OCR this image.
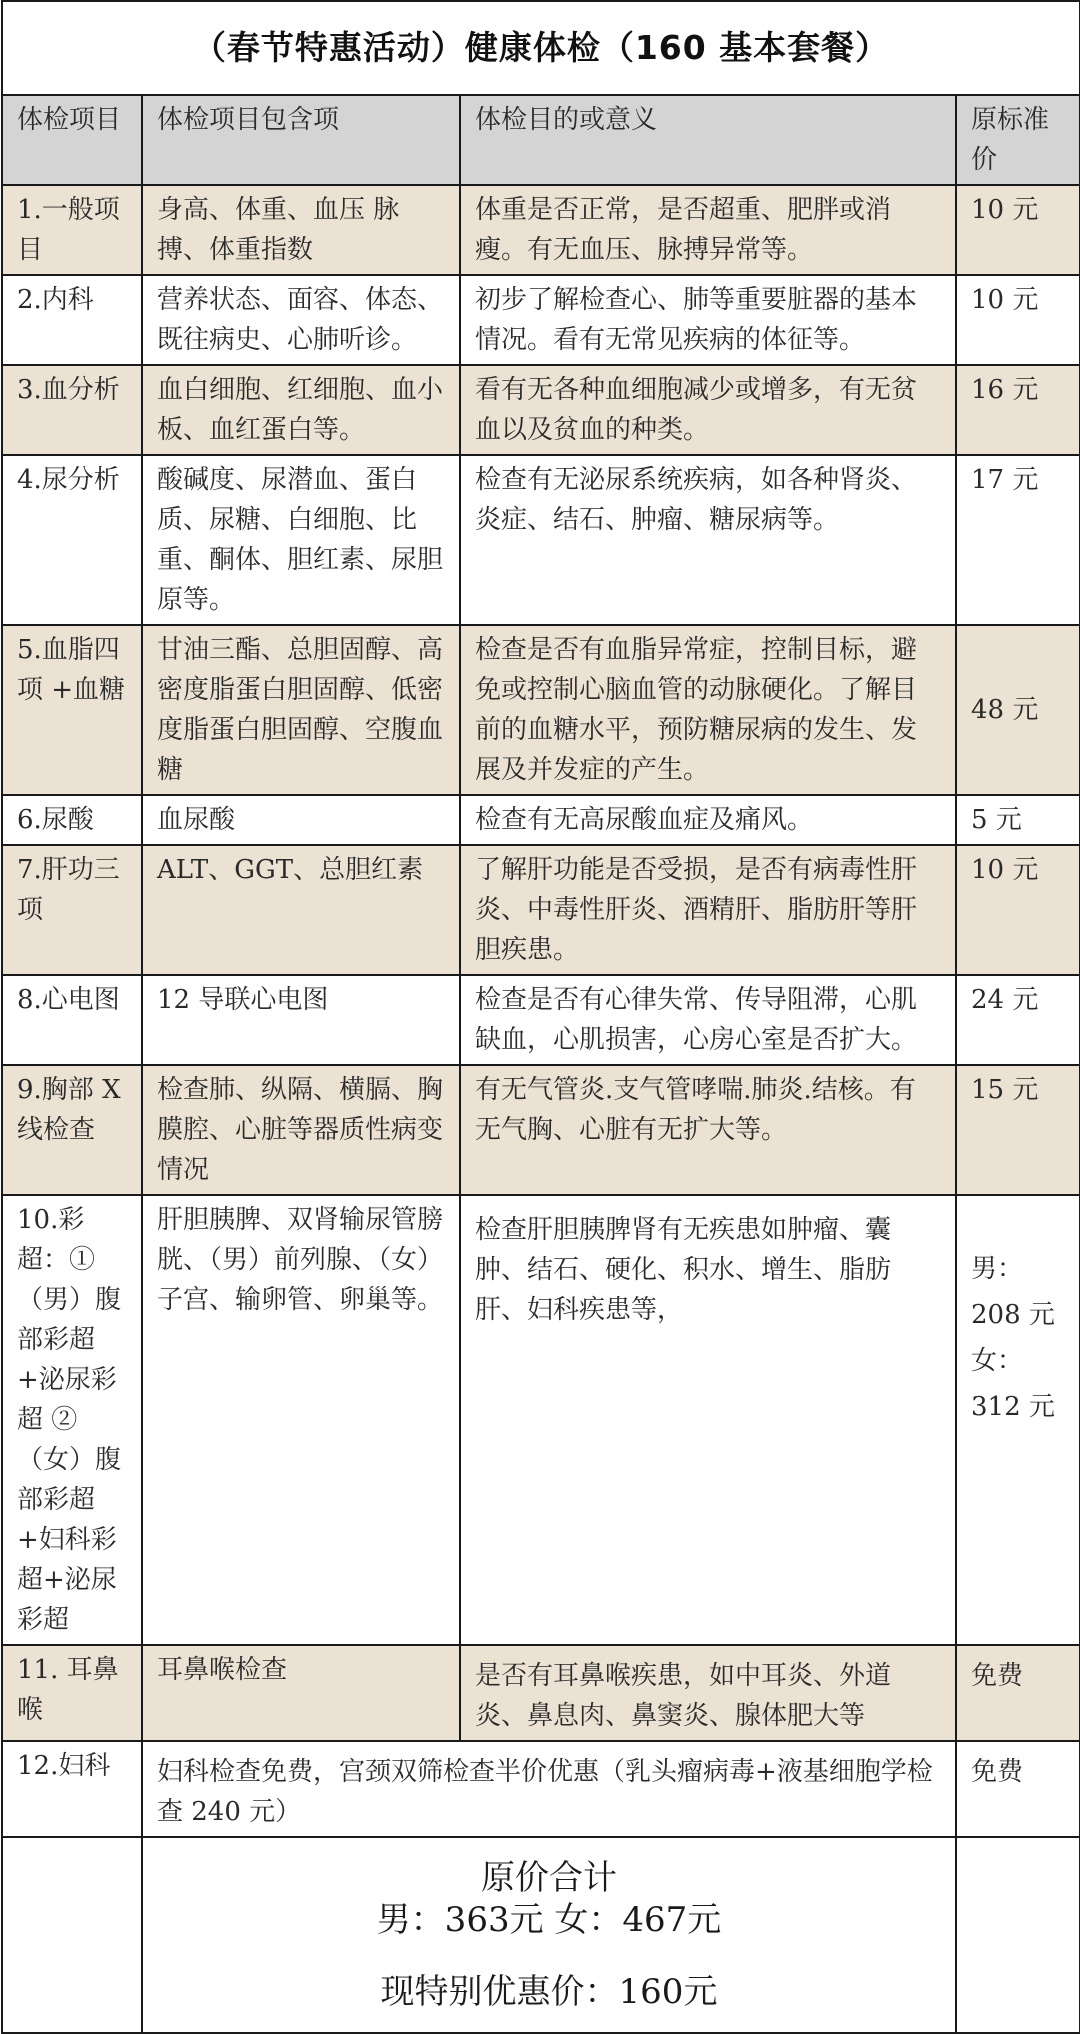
（春节特惠活动）健康体检（160 基本套餐）			
体检项目	体检项目包含项	体检目的或意义	原标准价
1.一般项目	身高、体重、血压 脉搏、体重指数	体重是否正常，是否超重、肥胖或消瘦。有无血压、脉搏异常等。	10 元
2.内科	营养状态、面容、体态、既往病史、心肺听诊。	初步了解检查心、肺等重要脏器的基本情况。看有无常见疾病的体征等。	10 元
3.血分析	血白细胞、红细胞、血小板、血红蛋白等。	看有无各种血细胞减少或增多，有无贫血以及贫血的种类。	16 元
4.尿分析	酸碱度、尿潜血、蛋白质、尿糖、白细胞、比重、酮体、胆红素、尿胆原等。	检查有无泌尿系统疾病，如各种肾炎、炎症、结石、肿瘤、糖尿病等。	17 元
5.血脂四项 +血糖	甘油三酯、总胆固醇、高密度脂蛋白胆固醇、低密度脂蛋白胆固醇、空腹血糖	检查是否有血脂异常症，控制目标，避免或控制心脑血管的动脉硬化。了解目前的血糖水平，预防糖尿病的发生、发展及并发症的产生。	48 元
6.尿酸	血尿酸	检查有无高尿酸血症及痛风。	5 元
7.肝功三项	ALT、GGT、总胆红素	了解肝功能是否受损，是否有病毒性肝炎、中毒性肝炎、酒精肝、脂肪肝等肝胆疾患。	10 元
8.心电图	12 导联心电图	检查是否有心律失常、传导阻滞，心肌缺血，心肌损害，心房心室是否扩大。	24 元
9.胸部 X 线检查	检查肺、纵隔、横膈、胸膜腔、心脏等器质性病变情况	有无气管炎.支气管哮喘.肺炎.结核。有无气胸、心脏有无扩大等。	15 元
10.彩超：①（男）腹部彩超+泌尿彩超 ②（女）腹部彩超+妇科彩超+泌尿彩超	肝胆胰脾、双肾输尿管膀胱、（男）前列腺、（女）子宫、输卵管、卵巢等。	检查肝胆胰脾肾有无疾患如肿瘤、囊肿、结石、硬化、积水、增生、脂肪肝、妇科疾患等，	男：208 元 女：312 元
11. 耳鼻喉	耳鼻喉检查	是否有耳鼻喉疾患，如中耳炎、外道炎、鼻息肉、鼻窦炎、腺体肥大等	免费
12.妇科	妇科检查免费，宫颈双筛检查半价优惠（乳头瘤病毒+液基细胞学检查 240 元）		免费

	原价合计
男：363元 女：467元
现特别优惠价：160元		
